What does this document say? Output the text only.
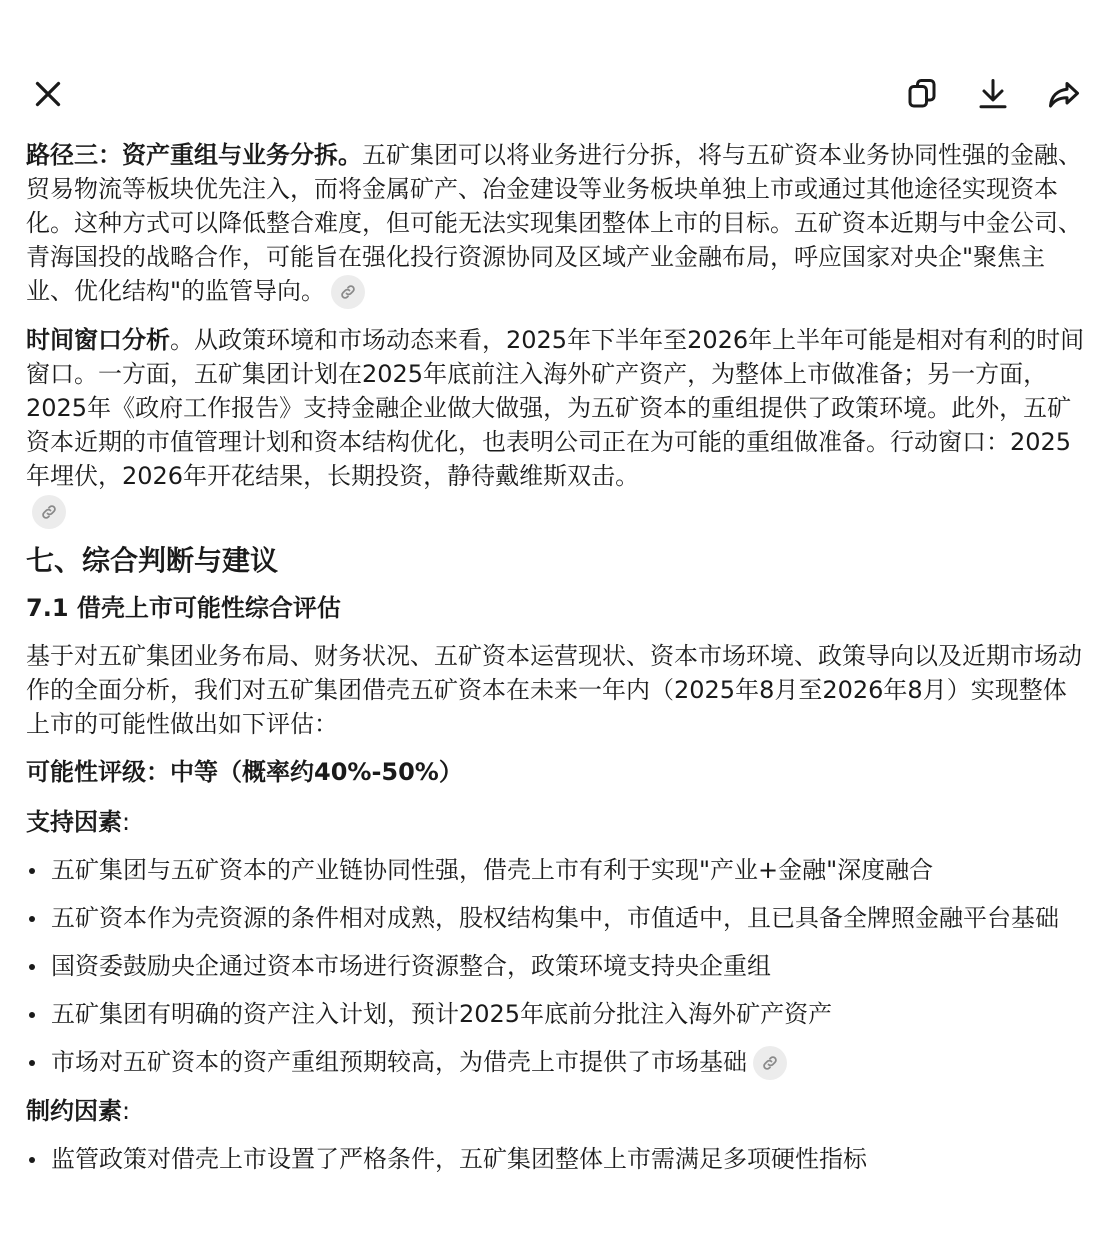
路径三：资产重组与业务分拆。五矿集团可以将业务进行分拆，将与五矿资本业务协同性强的金融、贸易物流等板块优先注入，而将金属矿产、冶金建设等业务板块单独上市或通过其他途径实现资本化。这种方式可以降低整合难度，但可能无法实现集团整体上市的目标。五矿资本近期与中金公司、青海国投的战略合作，可能旨在强化投行资源协同及区域产业金融布局，呼应国家对央企"聚焦主业、优化结构"的监管导向。

时间窗口分析。从政策环境和市场动态来看，2025年下半年至2026年上半年可能是相对有利的时间窗口。一方面，五矿集团计划在2025年底前注入海外矿产资产，为整体上市做准备；另一方面，2025年《政府工作报告》支持金融企业做大做强，为五矿资本的重组提供了政策环境。此外，五矿资本近期的市值管理计划和资本结构优化，也表明公司正在为可能的重组做准备。行动窗口：2025年埋伏，2026年开花结果，长期投资，静待戴维斯双击。

七、综合判断与建议
7.1 借壳上市可能性综合评估

基于对五矿集团业务布局、财务状况、五矿资本运营现状、资本市场环境、政策导向以及近期市场动作的全面分析，我们对五矿集团借壳五矿资本在未来一年内（2025年8月至2026年8月）实现整体上市的可能性做出如下评估：

可能性评级：中等（概率约40%-50%）
支持因素:
五矿集团与五矿资本的产业链协同性强，借壳上市有利于实现"产业+金融"深度融合
五矿资本作为壳资源的条件相对成熟，股权结构集中，市值适中，且已具备全牌照金融平台基础
国资委鼓励央企通过资本市场进行资源整合，政策环境支持央企重组
五矿集团有明确的资产注入计划，预计2025年底前分批注入海外矿产资产
市场对五矿资本的资产重组预期较高，为借壳上市提供了市场基础
制约因素:
监管政策对借壳上市设置了严格条件，五矿集团整体上市需满足多项硬性指标
